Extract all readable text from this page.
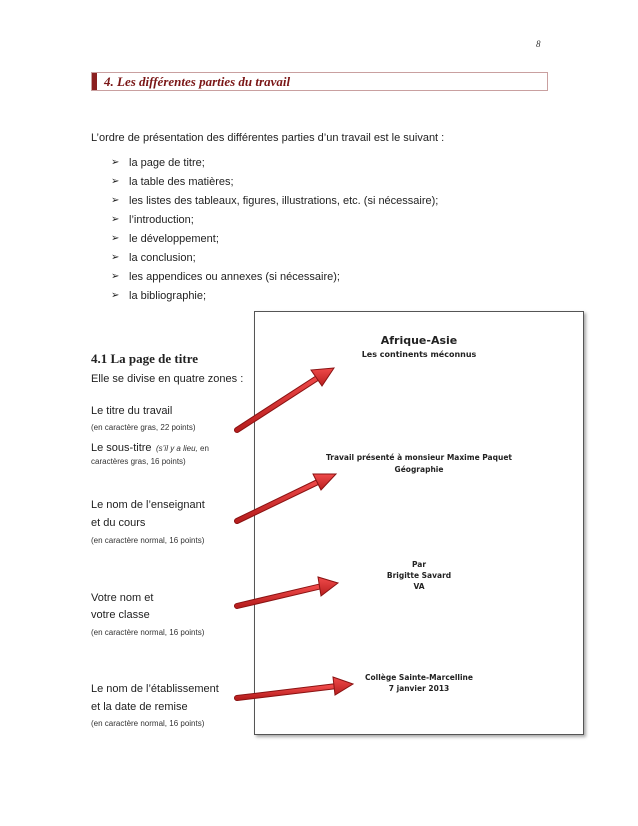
8
4. Les différentes parties du travail
L’ordre de présentation des différentes parties d’un travail est le suivant :
➢ la page de titre;
➢ la table des matières;
➢ les listes des tableaux, figures, illustrations, etc. (si nécessaire);
➢ l’introduction;
➢ le développement;
➢ la conclusion;
➢ les appendices ou annexes (si nécessaire);
➢ la bibliographie;
4.1 La page de titre
Elle se divise en quatre zones :
Le titre du travail
(en caractère gras, 22 points)
Le sous-titre (s’il y a lieu, en
caractères gras, 16 points)
Le nom de l’enseignant
et du cours
(en caractère normal, 16 points)
Votre nom et
votre classe
(en caractère normal, 16 points)
Le nom de l’établissement
et la date de remise
(en caractère normal, 16 points)
Afrique-Asie
Les continents méconnus
Travail présenté à monsieur Maxime Paquet
Géographie
Par
Brigitte Savard
VA
Collège Sainte-Marcelline
7 janvier 2013
